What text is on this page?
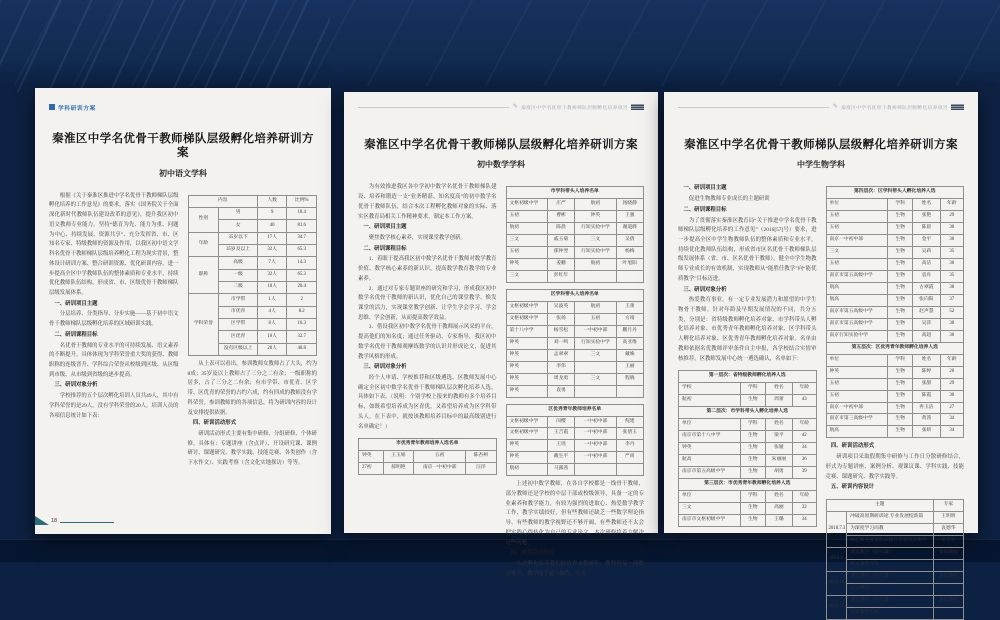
学科研训方案
秦淮区中学名优骨干教师梯队层级孵化培养研训方案
初中语文学科
根据《关于秦淮区推进中学名优骨干教师梯队层级孵化培养的工作意见》的要求，落实《国务院关于全面深化新时代教师队伍建设改革的意见》，提升我区初中语文教师专业能力。坚持“德育为先、能力为重、问题为中心、持续发展、资源共享”、充分发挥省、市、区知名专家、特级教师的资源及作用，以我区初中语文学科名优骨干教师梯队层级培养孵化工程为现实背景，整体设计研训方案、整合研训资源、优化研训内容，进一步提高全区中学教师队伍的整体素质和专业水平，持续优化教师队伍结构，形成省、市、区级优骨干教师梯队层级发展体系。
一、研训项目主题
分层培养、分类指导、分步实施——基于初中语文骨干教师梯队层级孵化培养的区域研训实践。
二、研训课程目标
名优骨干教师的专业水平的可持续发展、语文素养的不断提升。具体体现为学科荣誉重大奖的获得、教师职称的连级晋升、学科综合荣誉从校级到区级、从区级到市级、从市级到省级的逐步提高。
三、研训对象分析
学校推荐的五个层次孵化培训人员共49人，其中有学科荣誉的是29人，没有学科荣誉的20人。培训人员的各项信息统计如下表：
内容		人数	比例%
性别	男	9	18.4
	女	40	81.6
年龄	35岁以下	17人	34.7
	35岁及以上	32人	65.3
职称	高级	7人	14.3
	一级	32人	65.3
	二级	10人	20.4
学科荣誉	市学带	1人	2
	市优青	4人	8.2
	区学带	8人	16.3
	区优青	16人	32.7
	没有区级以上	20人	40.8
从上表可以看出，参训教师女教师占了大头，约为8成；35岁及以上教师占了三分之二有余；一级职称的居多，占了三分之二有余；有市学带、市优青、区学带、区优青的荣誉的占约六成，约有四成的教师没有学科荣誉。参训教师的的各项信息，将为研训内容的设计及安排提供依据。
四、研训活动形式
研训活动形式主要有集中研修、分组研修、个体研修。具体有：专题讲座（含点评）、开设研究课、课例研讨、课题研究、教学实践、技能竞赛、各类创作（含下水作文）、实践考察（含文化实地探访）等等。
18
✎ 秦淮区中学名优骨干教师梯队层级孵化培养项目
秦淮区中学名优骨干教师梯队层级孵化培养研训方案
初中数学学科
为有效推进我区各中学初中数学名优骨干教师梯队建设、培养和锻造一支“业务精湛、知名度高”的初中数学名优骨干教师队伍，结合本次工程孵化教师对象的实际、落实区教育局相关工作精神要求，制定本工作方案。
一、研训项目主题
聚焦数学核心素养，实现课堂教学创新。
二、研训课程目标
1．着眼于提高我区初中数学名优骨干教师对数学教育价值、数学核心素养的新认识，提高数学教育教学的专业素养。
2．通过对专家专题讲座的研究和学习，形成我区初中数学名优骨干教师的新认识，优化自己的课堂教学、焕发课堂的活力，实现课堂教学创新、让学生学会学习、学会思维、学会创新，从而提高数学效益。
3．借设我区初中数学名优骨干教师展示风采的平台，提高他们的知名度；通过任务驱动、专家指导，我区初中数学名优骨干教师观摩练数学的认识并形成论文，促进其教学风格的形成。
三、研训对象分析
经个人申请、学校推荐和区级遴选，区教师发展中心确定全区初中数学名优骨干教师梯队层次孵化培养人选，具体如下表。（说明：个别学校上报来的教师有多个培养目标，如既希望培养成为区青优，又希望培养成为区学科带头人，在下表中，就按该教师培养目标中的最高级别进行名单确定！）
市优秀青年教师培养人选名单			
钟英	王玉娟	五初	陈杏柯
27初	郝明艳	南京一中初中部	汪洋
市学科带头人培养名单			
文枢初级中学	庄严	航初	汤晓静
五初	曹彬	钟英	王强
航初	陈晨	行知实验中学	谢道骅
三文	戚玉菊	三文	吴倩
五初	郁仲翌	行知实验中学	杨梅
钟英	姜鹏	航初	叶旭阳
三文	彭红年		
区学科带头人培养名单			
文枢初级中学	吴波英	航初	王蕾
文枢初级中学	张扬	五初	方靖
第十八中学	杨雪松	一中初中部	鹏月丹
钟英	刘一鸣	行知实验中学	高亚维
钟英	孟翠翠	三文	戴姝
钟英	李伟		王丽
钟英	周龙勇	三文	程晓
钟英	袁勇		
区优秀青年教师培养名单			
文枢初级中学	闵樱	一中初中部	倪建
文枢初级中学	王吉霞	一中初中部	张倩玉
钟英	王瑶	一中初中部	李丹
钟英	戴生平	一中初中部	严尚
航初	马露茜		
上述初中数学教师，在各自学校都是一线骨干教师，部分教师还是学校的中层干部或校级领导，具备一定的专业素养和教学能力，有较为强烈的进取心、热爱数学教学工作、教学实绩较好，但有些教师还缺乏一些数学理论指导、有些教师的教学视野还不够开阔、有些教师还不太会把实践心得转化为自己的专业论文，本次研修将着力解决这些问题。
四、研训活动形式
本次孵化培养我们拟请省市数研室、教科所及一流数学骨干、教学能手通力协作，让专
✎ 秦淮区中学名优骨干教师梯队层级孵化培养项目
秦淮区中学名优骨干教师梯队层级孵化培养研训方案
中学生物学科
一、研训项目主题
促进生物教师专业成长的主题研训
二、研训课程目标
为了贯彻落实秦淮区教育局“关于推进中学名优骨干教师梯队层级孵化培养的工作意见”（2016[57]号）要求，进一步提高全区中学生物教师队伍的整体素质和专业水平，持续优化教师队伍结构，形成省市区名优骨干教师梯队层级发展体系（省、市、区名优骨干教师），健全中学生物教师专业成长的有效机制，实现教师从“能胜任教学”向“能优质教学”目标迈进。
三、研训对象分析
热爱教育事业，有一定专业发展潜力和愿望的中学生物骨干教师。针对年龄及早期发展情况的不同，共分五类，分别是：省特级教师孵化培养对象、市学科带头人孵化培养对象、市优秀青年教师孵化培养对象、区学科带头人孵化培养对象、区优秀青年教师孵化培养对象。名单由教师依据名优教师评审条件自主申报，各学校结合实情审核推荐，区教师发展中心统一遴选确认，名单如下：
第一层次：省特级教师孵化培养人选			
学校	学科	姓名	年龄
航初	生物	周蕾	43
第二层次：市学科带头人孵化培养人选			
单位	学科	姓名	年龄
南京市第十八中学	生物	梁平	42
钟英	生物	张媛	34
航高	生物	朱丽丽	36
南京市第五高级中学	生物	胡勇	39
第三层次：市优秀青年教师孵化培养人选			
单位	学科	姓名	年龄
三文	生物	高丽	32
南京市文枢初级中学	生物	王璐	34
第四层次：区学科带头人孵化培养人选			
单位	学科	姓名	年龄
五初	生物	张艳	29
五初	生物	陈晨	30
南京一中初中部	生物	金平	36
三文	生物	吴莉	35
五初	生物	高洁	36
南京市第五高级中学	生物	袁舟	35
航高	生物	古翠霞	38
航高	生物	张向阳	37
南京市第五高级中学	生物	赵声慧	52
南京市第五高级中学	生物	吴萍	38
南京行知实验中学	生物	高超	36
第五层次：区优秀青年教师孵化培养人选			
单位	学科	姓名	年龄
钟英	生物	陈婷	26
五初	生物	张甜	29
五初	生物	陈霞	30
南京一中初中部	生物	冉玉洁	27
南京市第三高级中学	生物	黄茜	34
航高	生物	张妍	34
四、研训活动形式
研训项目采取假期集中研修与工作日分散研修结合，形式为专题讲座、案例分析、观课议课、学科实践、技能竞赛、课题研究、教学实践等。
五、研训内容设计
主题		专家
2018.7.3	冲破高原期研训途 专业发展绽新篇	王明明
	为深度学习而教	袁德华
	核心素养视角的命题与答题真实事件	吴举宏
2018.8	课堂教学（研究课）	参训教师
	校本课程开发	
2018.10	课堂教学（研究课）	参训教师
	论文撰写	
2018.12	课堂教学（研究课）	参训教师
	实验教学实践	
